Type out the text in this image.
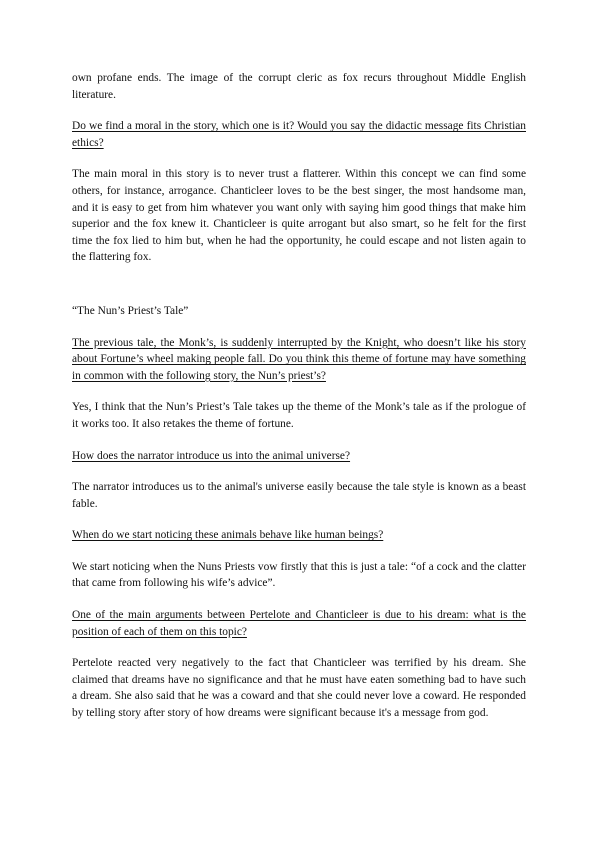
own profane ends. The image of the corrupt cleric as fox recurs throughout Middle English literature.

Do we find a moral in the story, which one is it? Would you say the didactic message fits Christian ethics?

The main moral in this story is to never trust a flatterer. Within this concept we can find some others, for instance, arrogance. Chanticleer loves to be the best singer, the most handsome man, and it is easy to get from him whatever you want only with saying him good things that make him superior and the fox knew it. Chanticleer is quite arrogant but also smart, so he felt for the first time the fox lied to him but, when he had the opportunity, he could escape and not listen again to the flattering fox.

“The Nun’s Priest’s Tale”

The previous tale, the Monk’s, is suddenly interrupted by the Knight, who doesn’t like his story about Fortune’s wheel making people fall. Do you think this theme of fortune may have something in common with the following story, the Nun’s priest’s?

Yes, I think that the Nun’s Priest’s Tale takes up the theme of the Monk’s tale as if the prologue of it works too. It also retakes the theme of fortune.

How does the narrator introduce us into the animal universe?

The narrator introduces us to the animal's universe easily because the tale style is known as a beast fable.

When do we start noticing these animals behave like human beings?

We start noticing when the Nuns Priests vow firstly that this is just a tale: “of a cock and the clatter that came from following his wife’s advice”.

One of the main arguments between Pertelote and Chanticleer is due to his dream: what is the position of each of them on this topic?

Pertelote reacted very negatively to the fact that Chanticleer was terrified by his dream. She claimed that dreams have no significance and that he must have eaten something bad to have such a dream. She also said that he was a coward and that she could never love a coward. He responded by telling story after story of how dreams were significant because it's a message from god.
